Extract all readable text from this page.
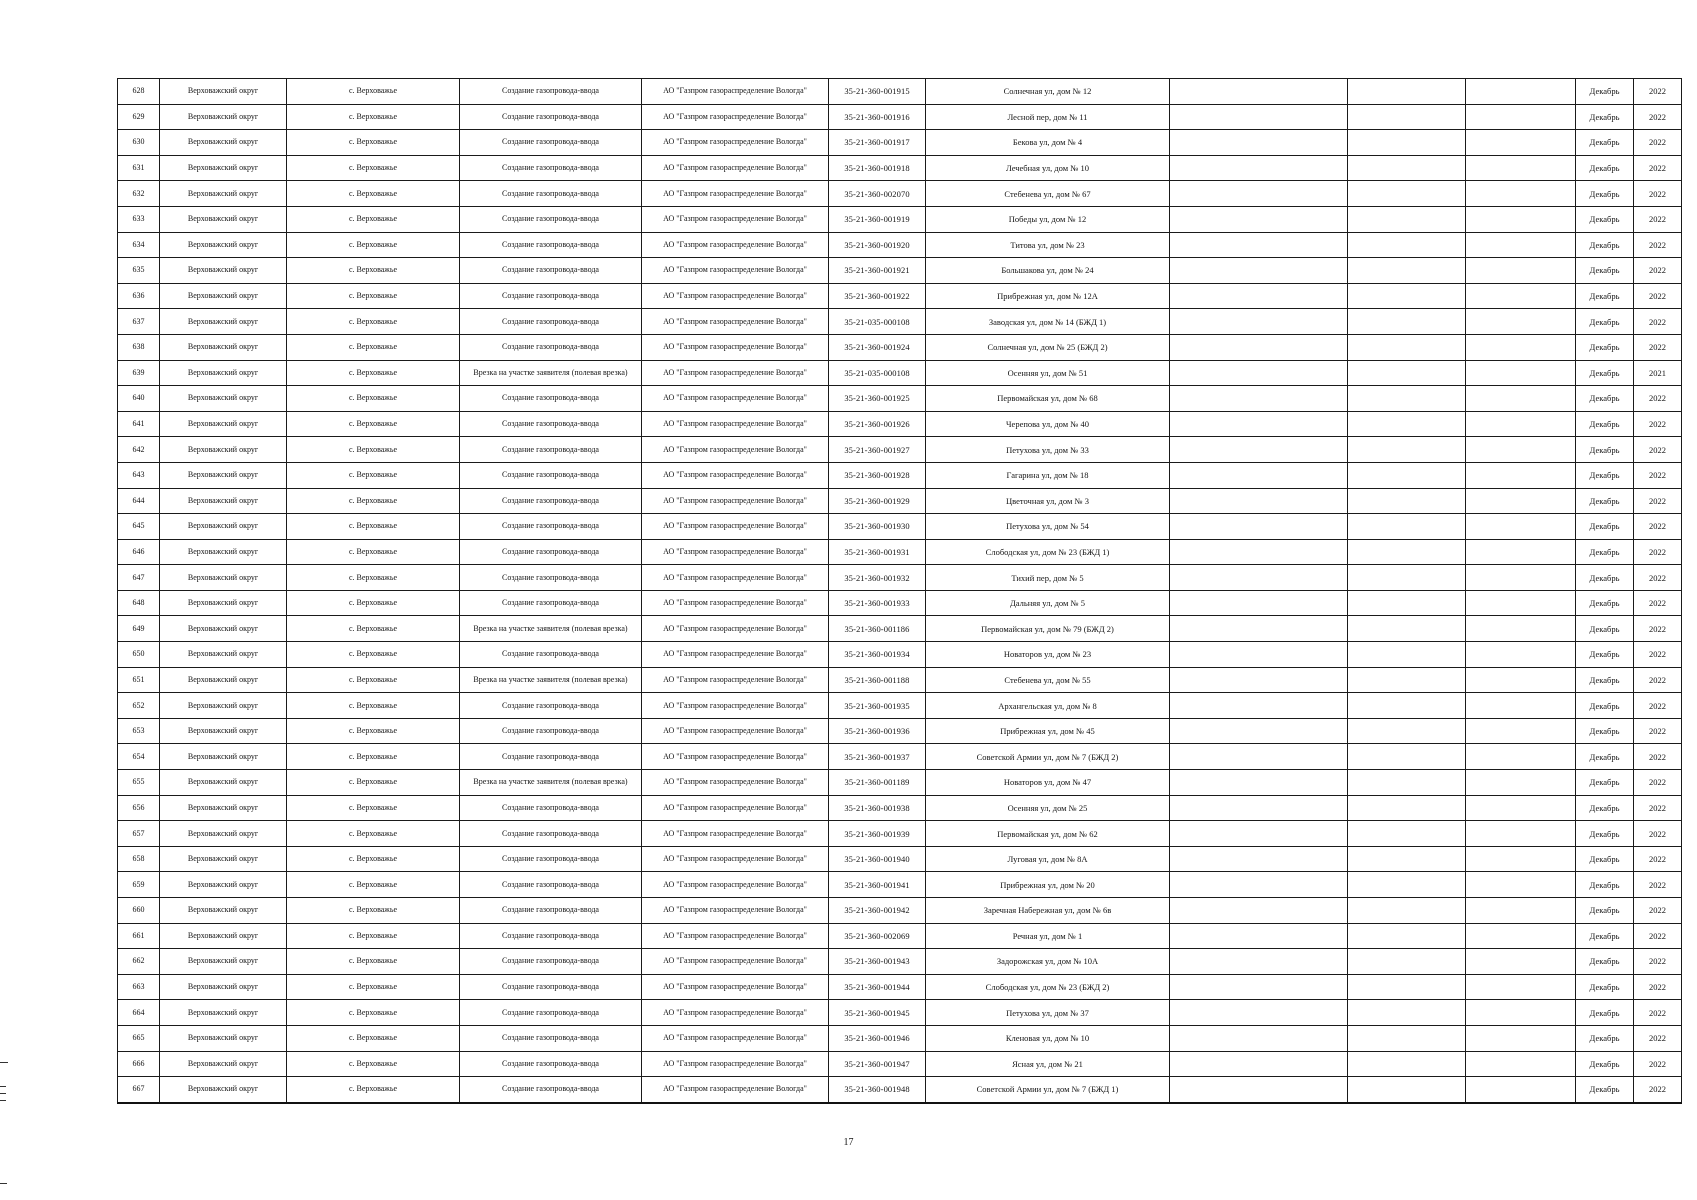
628	Верховажский округ	с. Верховажье	Создание газопровода-ввода	АО "Газпром газораспределение Вологда"	35-21-360-001915	Солнечная ул, дом № 12				Декабрь	2022
629	Верховажский округ	с. Верховажье	Создание газопровода-ввода	АО "Газпром газораспределение Вологда"	35-21-360-001916	Лесной пер, дом № 11				Декабрь	2022
630	Верховажский округ	с. Верховажье	Создание газопровода-ввода	АО "Газпром газораспределение Вологда"	35-21-360-001917	Бекова ул, дом № 4				Декабрь	2022
631	Верховажский округ	с. Верховажье	Создание газопровода-ввода	АО "Газпром газораспределение Вологда"	35-21-360-001918	Лечебная ул, дом № 10				Декабрь	2022
632	Верховажский округ	с. Верховажье	Создание газопровода-ввода	АО "Газпром газораспределение Вологда"	35-21-360-002070	Стебенева ул, дом № 67				Декабрь	2022
633	Верховажский округ	с. Верховажье	Создание газопровода-ввода	АО "Газпром газораспределение Вологда"	35-21-360-001919	Победы ул, дом № 12				Декабрь	2022
634	Верховажский округ	с. Верховажье	Создание газопровода-ввода	АО "Газпром газораспределение Вологда"	35-21-360-001920	Титова ул, дом № 23				Декабрь	2022
635	Верховажский округ	с. Верховажье	Создание газопровода-ввода	АО "Газпром газораспределение Вологда"	35-21-360-001921	Большакова ул, дом № 24				Декабрь	2022
636	Верховажский округ	с. Верховажье	Создание газопровода-ввода	АО "Газпром газораспределение Вологда"	35-21-360-001922	Прибрежная ул, дом № 12А				Декабрь	2022
637	Верховажский округ	с. Верховажье	Создание газопровода-ввода	АО "Газпром газораспределение Вологда"	35-21-035-000108	Заводская ул, дом № 14 (БЖД 1)				Декабрь	2022
638	Верховажский округ	с. Верховажье	Создание газопровода-ввода	АО "Газпром газораспределение Вологда"	35-21-360-001924	Солнечная ул, дом № 25 (БЖД 2)				Декабрь	2022
639	Верховажский округ	с. Верховажье	Врезка на участке заявителя (полевая врезка)	АО "Газпром газораспределение Вологда"	35-21-035-000108	Осенняя ул, дом № 51				Декабрь	2021
640	Верховажский округ	с. Верховажье	Создание газопровода-ввода	АО "Газпром газораспределение Вологда"	35-21-360-001925	Первомайская ул, дом № 68				Декабрь	2022
641	Верховажский округ	с. Верховажье	Создание газопровода-ввода	АО "Газпром газораспределение Вологда"	35-21-360-001926	Черепова ул, дом № 40				Декабрь	2022
642	Верховажский округ	с. Верховажье	Создание газопровода-ввода	АО "Газпром газораспределение Вологда"	35-21-360-001927	Петухова ул, дом № 33				Декабрь	2022
643	Верховажский округ	с. Верховажье	Создание газопровода-ввода	АО "Газпром газораспределение Вологда"	35-21-360-001928	Гагарина ул, дом № 18				Декабрь	2022
644	Верховажский округ	с. Верховажье	Создание газопровода-ввода	АО "Газпром газораспределение Вологда"	35-21-360-001929	Цветочная ул, дом № 3				Декабрь	2022
645	Верховажский округ	с. Верховажье	Создание газопровода-ввода	АО "Газпром газораспределение Вологда"	35-21-360-001930	Петухова ул, дом № 54				Декабрь	2022
646	Верховажский округ	с. Верховажье	Создание газопровода-ввода	АО "Газпром газораспределение Вологда"	35-21-360-001931	Слободская ул, дом № 23 (БЖД 1)				Декабрь	2022
647	Верховажский округ	с. Верховажье	Создание газопровода-ввода	АО "Газпром газораспределение Вологда"	35-21-360-001932	Тихий пер, дом № 5				Декабрь	2022
648	Верховажский округ	с. Верховажье	Создание газопровода-ввода	АО "Газпром газораспределение Вологда"	35-21-360-001933	Дальняя ул, дом № 5				Декабрь	2022
649	Верховажский округ	с. Верховажье	Врезка на участке заявителя (полевая врезка)	АО "Газпром газораспределение Вологда"	35-21-360-001186	Первомайская ул, дом № 79 (БЖД 2)				Декабрь	2022
650	Верховажский округ	с. Верховажье	Создание газопровода-ввода	АО "Газпром газораспределение Вологда"	35-21-360-001934	Новаторов ул, дом № 23				Декабрь	2022
651	Верховажский округ	с. Верховажье	Врезка на участке заявителя (полевая врезка)	АО "Газпром газораспределение Вологда"	35-21-360-001188	Стебенева ул, дом № 55				Декабрь	2022
652	Верховажский округ	с. Верховажье	Создание газопровода-ввода	АО "Газпром газораспределение Вологда"	35-21-360-001935	Архангельская ул, дом № 8				Декабрь	2022
653	Верховажский округ	с. Верховажье	Создание газопровода-ввода	АО "Газпром газораспределение Вологда"	35-21-360-001936	Прибрежная ул, дом № 45				Декабрь	2022
654	Верховажский округ	с. Верховажье	Создание газопровода-ввода	АО "Газпром газораспределение Вологда"	35-21-360-001937	Советской Армии ул, дом № 7 (БЖД 2)				Декабрь	2022
655	Верховажский округ	с. Верховажье	Врезка на участке заявителя (полевая врезка)	АО "Газпром газораспределение Вологда"	35-21-360-001189	Новаторов ул, дом № 47				Декабрь	2022
656	Верховажский округ	с. Верховажье	Создание газопровода-ввода	АО "Газпром газораспределение Вологда"	35-21-360-001938	Осенняя ул, дом № 25				Декабрь	2022
657	Верховажский округ	с. Верховажье	Создание газопровода-ввода	АО "Газпром газораспределение Вологда"	35-21-360-001939	Первомайская ул, дом № 62				Декабрь	2022
658	Верховажский округ	с. Верховажье	Создание газопровода-ввода	АО "Газпром газораспределение Вологда"	35-21-360-001940	Луговая ул, дом № 8А				Декабрь	2022
659	Верховажский округ	с. Верховажье	Создание газопровода-ввода	АО "Газпром газораспределение Вологда"	35-21-360-001941	Прибрежная ул, дом № 20				Декабрь	2022
660	Верховажский округ	с. Верховажье	Создание газопровода-ввода	АО "Газпром газораспределение Вологда"	35-21-360-001942	Заречная Набережная ул, дом № 6в				Декабрь	2022
661	Верховажский округ	с. Верховажье	Создание газопровода-ввода	АО "Газпром газораспределение Вологда"	35-21-360-002069	Речная ул, дом № 1				Декабрь	2022
662	Верховажский округ	с. Верховажье	Создание газопровода-ввода	АО "Газпром газораспределение Вологда"	35-21-360-001943	Задорожская ул, дом № 10А				Декабрь	2022
663	Верховажский округ	с. Верховажье	Создание газопровода-ввода	АО "Газпром газораспределение Вологда"	35-21-360-001944	Слободская ул, дом № 23 (БЖД 2)				Декабрь	2022
664	Верховажский округ	с. Верховажье	Создание газопровода-ввода	АО "Газпром газораспределение Вологда"	35-21-360-001945	Петухова ул, дом № 37				Декабрь	2022
665	Верховажский округ	с. Верховажье	Создание газопровода-ввода	АО "Газпром газораспределение Вологда"	35-21-360-001946	Кленовая ул, дом № 10				Декабрь	2022
666	Верховажский округ	с. Верховажье	Создание газопровода-ввода	АО "Газпром газораспределение Вологда"	35-21-360-001947	Ясная ул, дом № 21				Декабрь	2022
667	Верховажский округ	с. Верховажье	Создание газопровода-ввода	АО "Газпром газораспределение Вологда"	35-21-360-001948	Советской Армии ул, дом № 7 (БЖД 1)				Декабрь	2022
17
